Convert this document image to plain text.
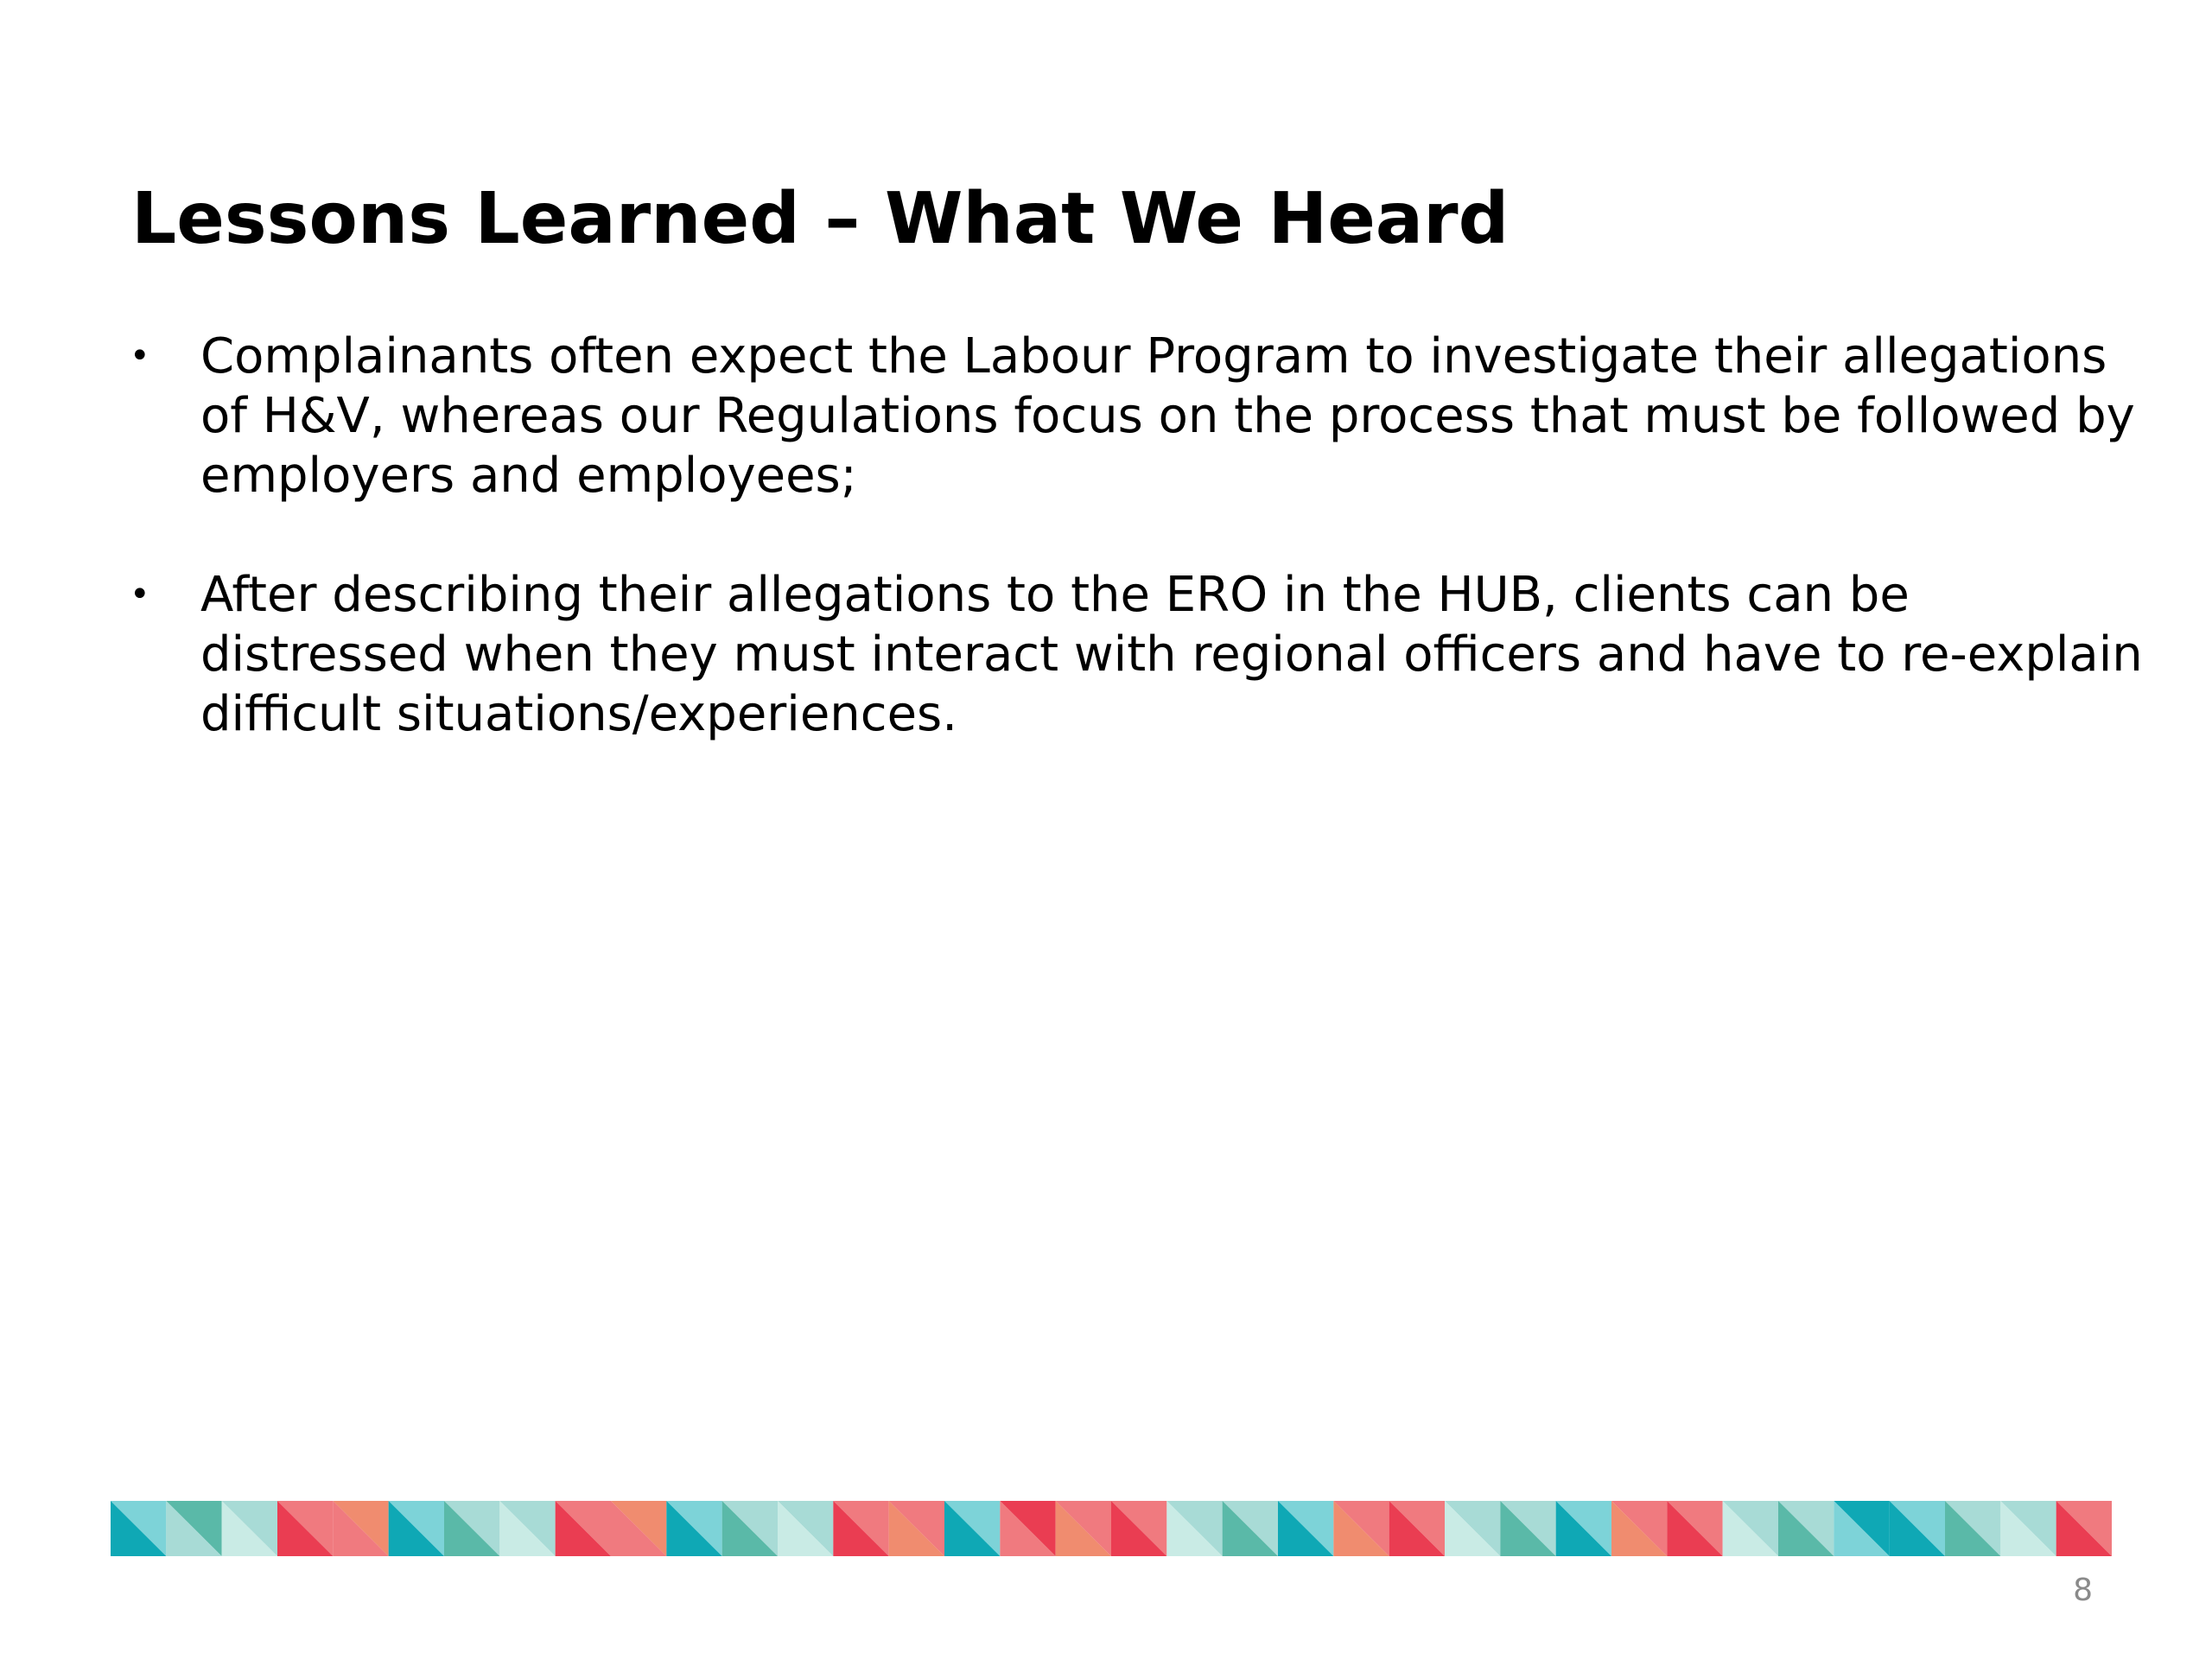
Lessons Learned – What We Heard
• Complainants often expect the Labour Program to investigate their allegations of H&V, whereas our Regulations focus on the process that must be followed by employers and employees;
• After describing their allegations to the ERO in the HUB, clients can be distressed when they must interact with regional officers and have to re-explain difficult situations/experiences.
8
